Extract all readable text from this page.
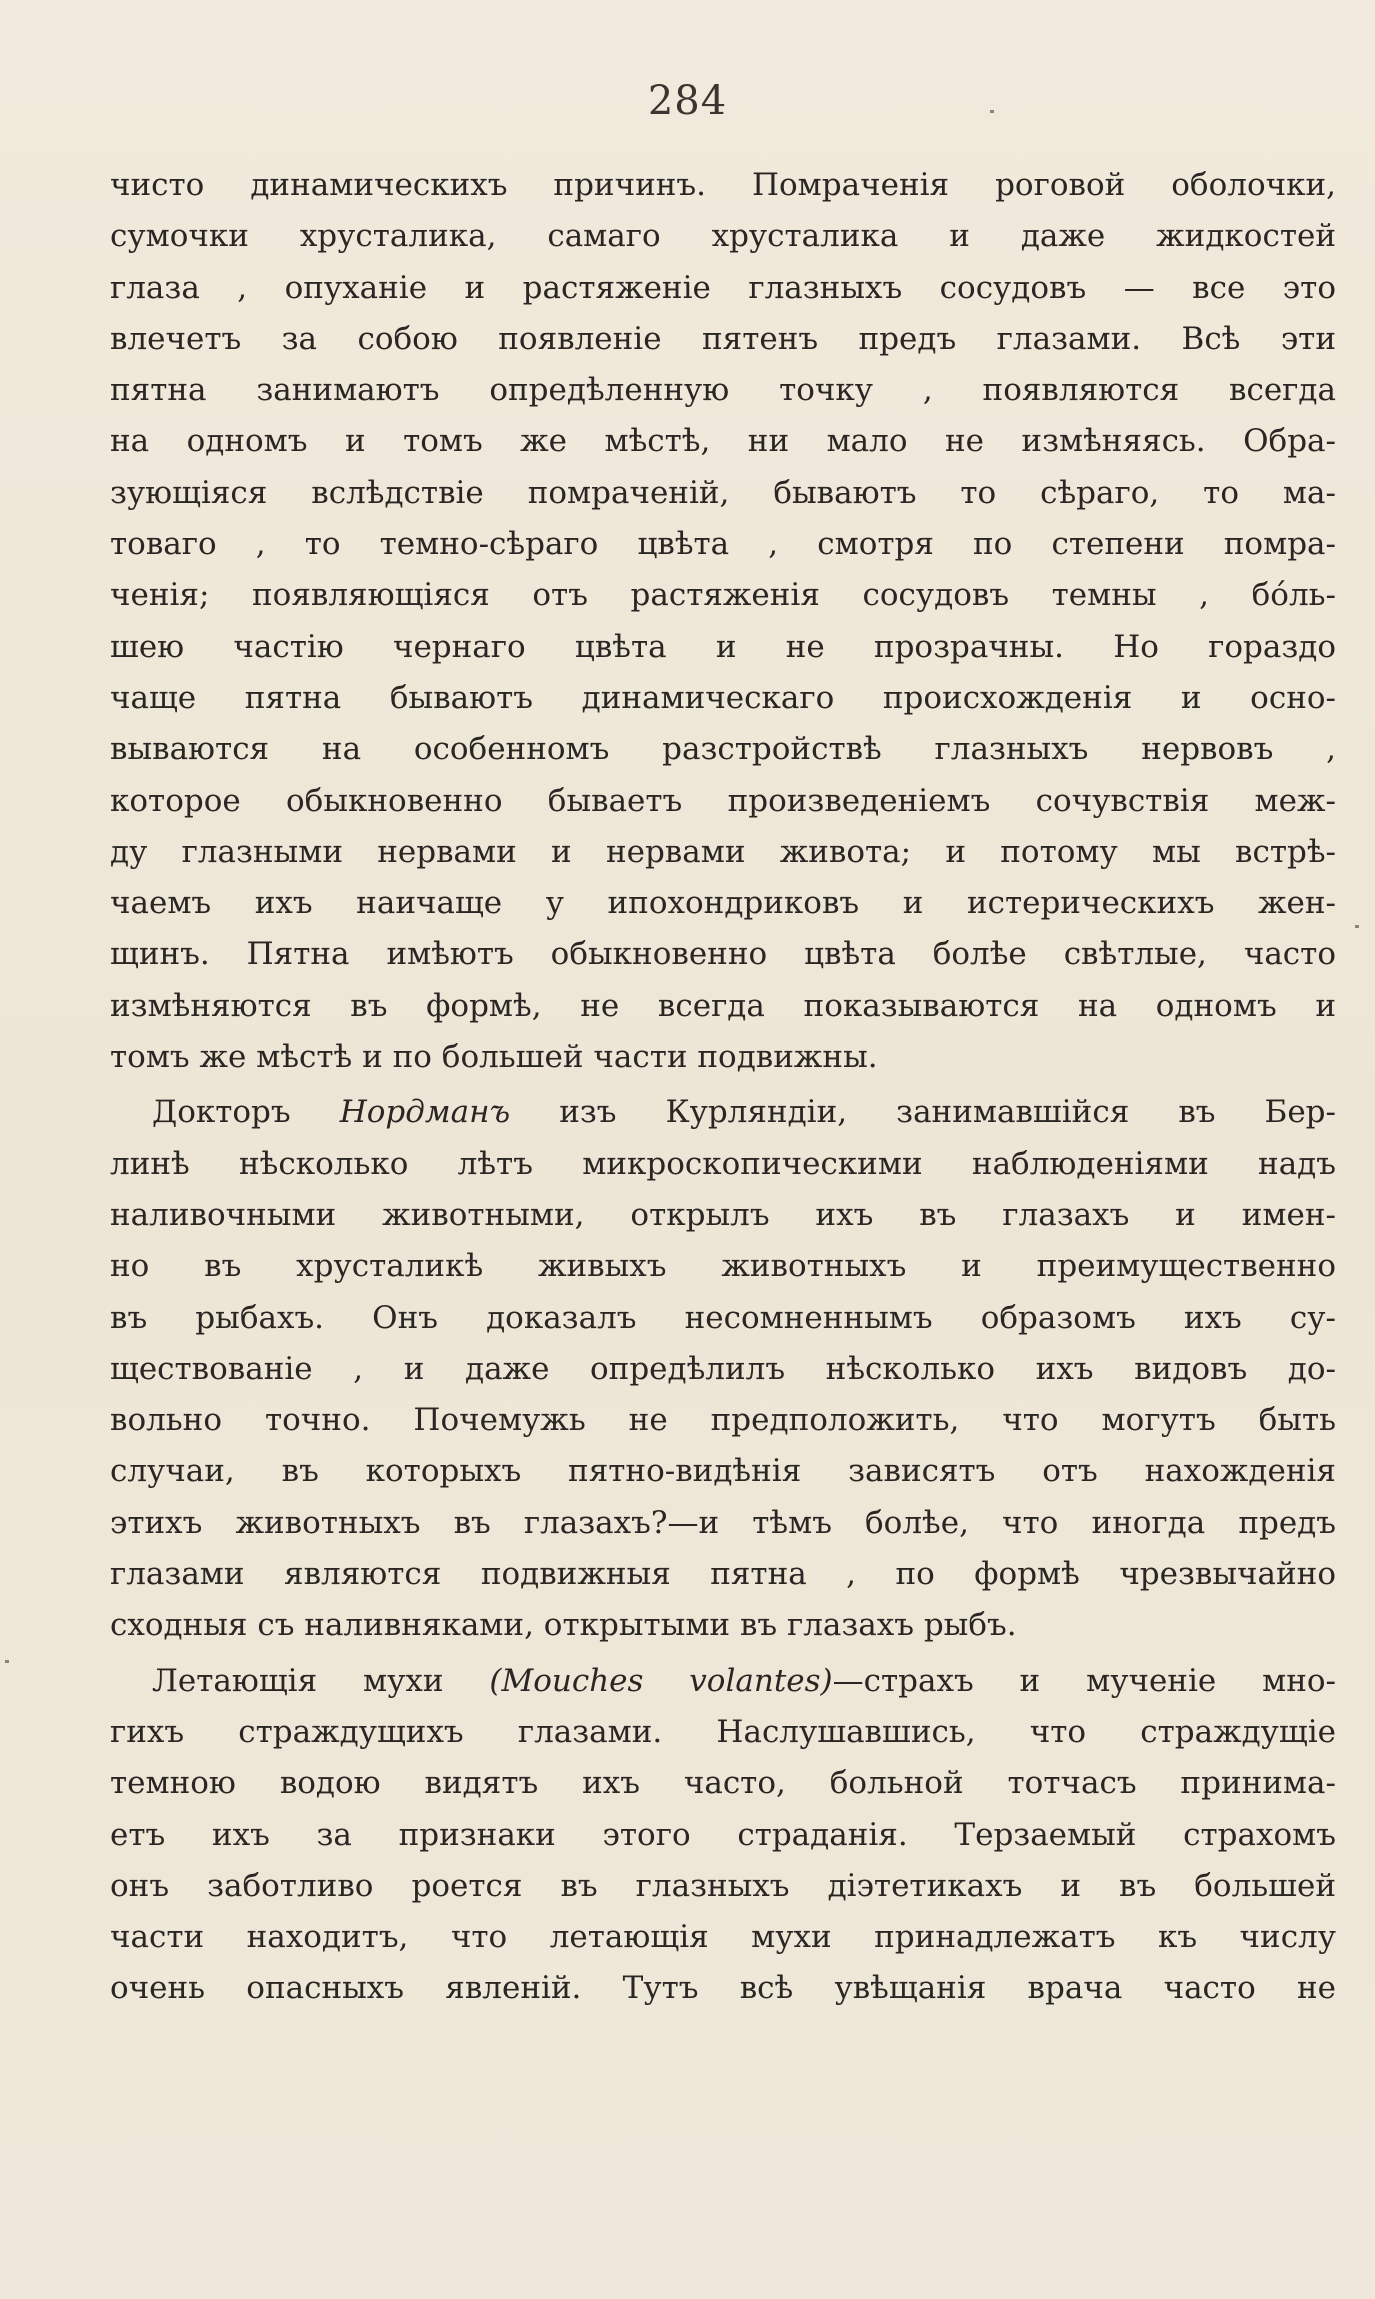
284
чисто динамическихъ причинъ. Помраченія роговой оболочки,
сумочки хрусталика, самаго хрусталика и даже жидкостей
глаза , опуханіе и растяженіе глазныхъ сосудовъ — все это
влечетъ за собою появленіе пятенъ предъ глазами. Всѣ эти
пятна занимаютъ опредѣленную точку , появляются всегда
на одномъ и томъ же мѣстѣ, ни мало не измѣняясь. Обра-
зующіяся вслѣдствіе помраченій, бываютъ то сѣраго, то ма-
товаго , то темно-сѣраго цвѣта , смотря по степени помра-
ченія; появляющіяся отъ растяженія сосудовъ темны , бо́ль-
шею частію чернаго цвѣта и не прозрачны. Но гораздо
чаще пятна бываютъ динамическаго происхожденія и осно-
вываются на особенномъ разстройствѣ глазныхъ нервовъ ,
которое обыкновенно бываетъ произведеніемъ сочувствія меж-
ду глазными нервами и нервами живота; и потому мы встрѣ-
чаемъ ихъ наичаще у ипохондриковъ и истерическихъ жен-
щинъ. Пятна имѣютъ обыкновенно цвѣта болѣе свѣтлые, часто
измѣняются въ формѣ, не всегда показываются на одномъ и
томъ же мѣстѣ и по большей части подвижны.
Докторъ Нордманъ изъ Курляндіи, занимавшійся въ Бер-
линѣ нѣсколько лѣтъ микроскопическими наблюденіями надъ
наливочными животными, открылъ ихъ въ глазахъ и имен-
но въ хрусталикѣ живыхъ животныхъ и преимущественно
въ рыбахъ. Онъ доказалъ несомненнымъ образомъ ихъ су-
ществованіе , и даже опредѣлилъ нѣсколько ихъ видовъ до-
вольно точно. Почемужь не предположить, что могутъ быть
случаи, въ которыхъ пятно-видѣнія зависятъ отъ нахожденія
этихъ животныхъ въ глазахъ?—и тѣмъ болѣе, что иногда предъ
глазами являются подвижныя пятна , по формѣ чрезвычайно
сходныя съ наливняками, открытыми въ глазахъ рыбъ.
Летающія мухи (Mouches volantes)—страхъ и мученіе мно-
гихъ страждущихъ глазами. Наслушавшись, что страждущіе
темною водою видятъ ихъ часто, больной тотчасъ принима-
етъ ихъ за признаки этого страданія. Терзаемый страхомъ
онъ заботливо роется въ глазныхъ діэтетикахъ и въ большей
части находитъ, что летающія мухи принадлежатъ къ числу
очень опасныхъ явленій. Тутъ всѣ увѣщанія врача часто не
